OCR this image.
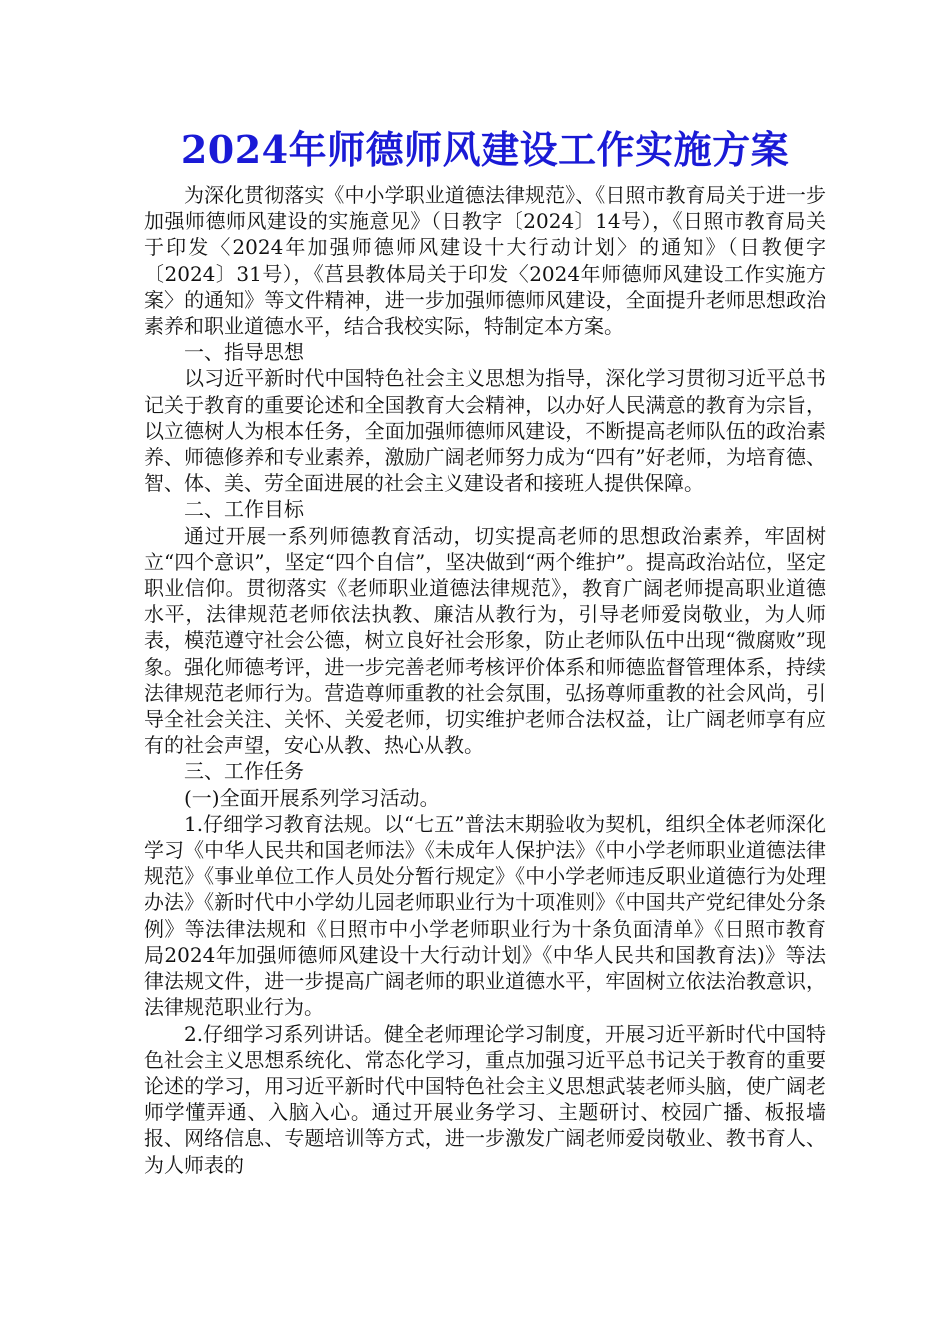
2024年师德师风建设工作实施方案

为深化贯彻落实《中小学职业道德法律规范》、《日照市教育局关于进一步加强师德师风建设的实施意见》（日教字〔2024〕14号），《日照市教育局关于印发〈2024年加强师德师风建设十大行动计划〉的通知》（日教便字〔2024〕31号），《莒县教体局关于印发〈2024年师德师风建设工作实施方案〉的通知》等文件精神，进一步加强师德师风建设，全面提升老师思想政治素养和职业道德水平，结合我校实际，特制定本方案。

一、指导思想

以习近平新时代中国特色社会主义思想为指导，深化学习贯彻习近平总书记关于教育的重要论述和全国教育大会精神，以办好人民满意的教育为宗旨，以立德树人为根本任务，全面加强师德师风建设，不断提高老师队伍的政治素养、师德修养和专业素养，激励广阔老师努力成为“四有”好老师，为培育德、智、体、美、劳全面进展的社会主义建设者和接班人提供保障。

二、工作目标

通过开展一系列师德教育活动，切实提高老师的思想政治素养，牢固树立“四个意识”，坚定“四个自信”，坚决做到“两个维护”。提高政治站位，坚定职业信仰。贯彻落实《老师职业道德法律规范》，教育广阔老师提高职业道德水平，法律规范老师依法执教、廉洁从教行为，引导老师爱岗敬业，为人师表，模范遵守社会公德，树立良好社会形象，防止老师队伍中出现“微腐败”现象。强化师德考评，进一步完善老师考核评价体系和师德监督管理体系，持续法律规范老师行为。营造尊师重教的社会氛围，弘扬尊师重教的社会风尚，引导全社会关注、关怀、关爱老师，切实维护老师合法权益，让广阔老师享有应有的社会声望，安心从教、热心从教。

三、工作任务

(一)全面开展系列学习活动。

1.仔细学习教育法规。以“七五”普法末期验收为契机，组织全体老师深化学习《中华人民共和国老师法》《未成年人保护法》《中小学老师职业道德法律规范》《事业单位工作人员处分暂行规定》《中小学老师违反职业道德行为处理办法》《新时代中小学幼儿园老师职业行为十项准则》《中国共产党纪律处分条例》等法律法规和《日照市中小学老师职业行为十条负面清单》《日照市教育局2024年加强师德师风建设十大行动计划》《中华人民共和国教育法)》等法律法规文件，进一步提高广阔老师的职业道德水平，牢固树立依法治教意识，法律规范职业行为。

2.仔细学习系列讲话。健全老师理论学习制度，开展习近平新时代中国特色社会主义思想系统化、常态化学习，重点加强习近平总书记关于教育的重要论述的学习，用习近平新时代中国特色社会主义思想武装老师头脑，使广阔老师学懂弄通、入脑入心。通过开展业务学习、主题研讨、校园广播、板报墙报、网络信息、专题培训等方式，进一步激发广阔老师爱岗敬业、教书育人、为人师表的
